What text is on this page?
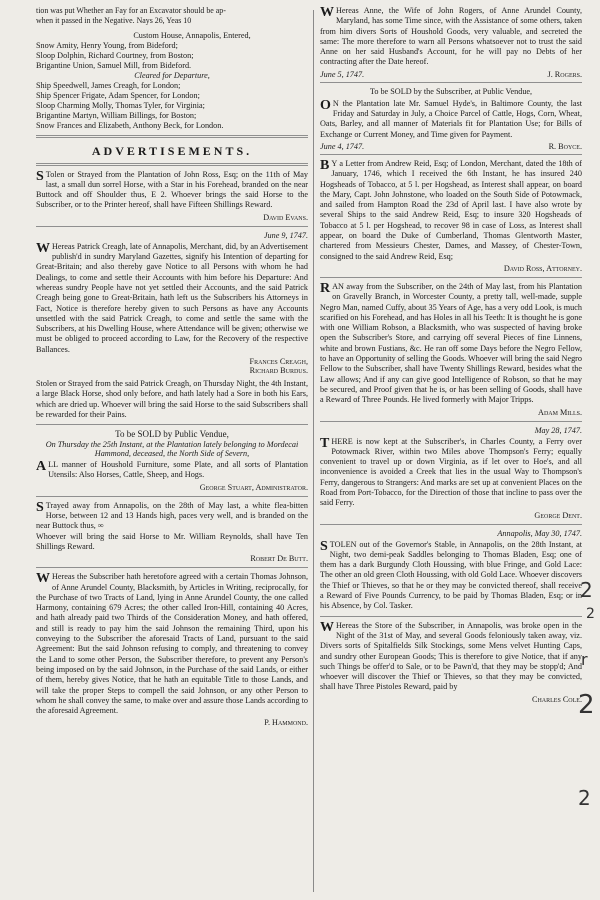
tion was put Whether an Fay for an Excavator should be ap-
when it passed in the Negative. Nays 26, Yeas 10

Custom House, Annapolis, Entered,

Snow Amity, Henry Young, from Bideford;

Sloop Dolphin, Richard Courtney, from Boston;

Brigantine Union, Samuel Mill, from Bideford.

Cleared for Departure,

Ship Speedwell, James Creagh, for London;

Ship Spencer Frigate, Adam Spencer, for London;

Sloop Charming Molly, Thomas Tyler, for Virginia;

Brigantine Martyn, William Billings, for Boston;

Snow Frances and Elizabeth, Anthony Beck, for London.

ADVERTISEMENTS.

S Tolen or Strayed from the Plantation of John Ross, Esq; on the 11th of May last, a small dun sorrel Horse, with a Star in his Forehead, branded on the near Buttock and off Shoulder thus, E 2. Whoever brings the said Horse to the Subscriber, or to the Printer hereof, shall have Fifteen Shillings Reward.

David Evans.
June 9, 1747.

W Hereas Patrick Creagh, late of Annapolis, Merchant, did, by an Advertisement publish'd in sundry Maryland Gazettes, signify his Intention of departing for Great-Britain; and also thereby gave Notice to all Persons with whom he had Dealings, to come and settle their Accounts with him before his Departure: And whereas sundry People have not yet settled their Accounts, and the said Patrick Creagh being gone to Great-Britain, hath left us the Subscribers his Attorneys in Fact, Notice is therefore hereby given to such Persons as have any Accounts unsettled with the said Patrick Creagh, to come and settle the same with the Subscribers, at his Dwelling House, where Attendance will be given; otherwise we must be obliged to proceed according to Law, for the Recovery of the respective Ballances.

Frances Creagh,
Richard Burdus.

Stolen or Strayed from the said Patrick Creagh, on Thursday Night, the 4th Instant, a large Black Horse, shod only before, and hath lately had a Sore in both his Ears, which are dried up. Whoever will bring the said Horse to the said Subscribers shall be rewarded for their Pains.

To be SOLD by Public Vendue,
On Thursday the 25th Instant, at the Plantation lately belonging to Mordecai Hammond, deceased, the North Side of Severn,

ALL manner of Houshold Furniture, some Plate, and all sorts of Plantation Utensils: Also Horses, Cattle, Sheep, and Hogs.

George Stuart, Administrator.

S Trayed away from Annapolis, on the 28th of May last, a white flea-bitten Horse, between 12 and 13 Hands high, paces very well, and is branded on the near Buttock thus, ∞
Whoever will bring the said Horse to Mr. William Reynolds, shall have Ten Shillings Reward.

Robert De Butt.

W Hereas the Subscriber hath heretofore agreed with a certain Thomas Johnson, of Anne Arundel County, Blacksmith, by Articles in Writing, reciprocally, for the Purchase of two Tracts of Land, lying in Anne Arundel County, the one called Harmony, containing 679 Acres; the other called Iron-Hill, containing 40 Acres, and hath already paid two Thirds of the Consideration Money, and hath offered, and still is ready to pay him the said Johnson the remaining Third, upon his conveying to the Subscriber the aforesaid Tracts of Land, pursuant to the said Agreement: But the said Johnson refusing to comply, and threatening to convey the Land to some other Person, the Subscriber therefore, to prevent any Person's being imposed on by the said Johnson, in the Purchase of the said Lands, or either of them, hereby gives Notice, that he hath an equitable Title to those Lands, and will take the proper Steps to compell the said Johnson, or any other Person to whom he shall convey the same, to make over and assure those Lands according to the aforesaid Agreement.

P. Hammond.

W Hereas Anne, the Wife of John Rogers, of Anne Arundel County, Maryland, has some Time since, with the Assistance of some others, taken from him divers Sorts of Houshold Goods, very valuable, and secreted the same: The more therefore to warn all Persons whatsoever not to trust the said Anne on her said Husband's Account, for he will pay no Debts of her contracting after the Date hereof.

June 5, 1747.	J. Rogers.
To be SOLD by the Subscriber, at Public Vendue,

O N the Plantation late Mr. Samuel Hyde's, in Baltimore County, the last Friday and Saturday in July, a Choice Parcel of Cattle, Hogs, Corn, Wheat, Oats, Barley, and all manner of Materials fit for Plantation Use; for Bills of Exchange or Current Money, and Time given for Payment.

June 4, 1747.	R. Boyce.

B Y a Letter from Andrew Reid, Esq; of London, Merchant, dated the 18th of January, 1746, which I received the 6th Instant, he has insured 240 Hogsheads of Tobacco, at 5 l. per Hogshead, as Interest shall appear, on board the Mary, Capt. John Johnstone, who loaded on the South Side of Potowmack, and sailed from Hampton Road the 23d of April last. I have also wrote by several Ships to the said Andrew Reid, Esq; to insure 320 Hogsheads of Tobacco at 5 l. per Hogshead, to recover 98 in case of Loss, as Interest shall appear, on board the Duke of Cumberland, Thomas Glentworth Master, chartered from Messieurs Chester, Dames, and Massey, of Chester-Town, consigned to the said Andrew Reid, Esq;

David Ross, Attorney.

RAN away from the Subscriber, on the 24th of May last, from his Plantation on Gravelly Branch, in Worcester County, a pretty tall, well-made, supple Negro Man, named Cuffy, about 35 Years of Age, has a very odd Look, is much scarified on his Forehead, and has Holes in all his Teeth: It is thought he is gone with one William Robson, a Blacksmith, who was suspected of having broke open the Subscriber's Store, and carrying off several Pieces of fine Linnens, white and brown Fustians, &c. He ran off some Days before the Negro Fellow, to have an Opportunity of selling the Goods. Whoever will bring the said Negro Fellow to the Subscriber, shall have Twenty Shillings Reward, besides what the Law allows; And if any can give good Intelligence of Robson, so that he may be secured, and Proof given that he is, or has been selling of Goods, shall have a Reward of Three Pounds. He lived formerly with Major Tripps.

Adam Mills.
May 28, 1747.

THERE is now kept at the Subscriber's, in Charles County, a Ferry over Potowmack River, within two Miles above Thompson's Ferry; equally convenient to travel up or down Virginia, as if let over to Hoe's, and all inconvenience is avoided a Creek that lies in the usual Way to Thompson's Ferry, dangerous to Strangers: And marks are set up at convenient Places on the Road from Port-Tobacco, for the Direction of those that incline to pass over the said Ferry.

George Dent.
Annapolis, May 30, 1747.

STOLEN out of the Governor's Stable, in Annapolis, on the 28th Instant, at Night, two demi-peak Saddles belonging to Thomas Bladen, Esq; one of them has a dark Burgundy Cloth Houssing, with blue Fringe, and Gold Lace: The other an old green Cloth Houssing, with old Gold Lace. Whoever discovers the Thief or Thieves, so that he or they may be convicted thereof, shall receive a Reward of Five Pounds Currency, to be paid by Thomas Bladen, Esq; or in his Absence, by Col. Tasker.

W Hereas the Store of the Subscriber, in Annapolis, was broke open in the Night of the 31st of May, and several Goods feloniously taken away, viz. Divers sorts of Spitalfields Silk Stockings, some Mens velvet Hunting Caps, and sundry other European Goods; This is therefore to give Notice, that if any such Things be offer'd to Sale, or to be Pawn'd, that they may be stopp'd; And whoever will discover the Thief or Thieves, so that they may be convicted, shall have Three Pistoles Reward, paid by

Charles Cole.
2
2
r
2
2
